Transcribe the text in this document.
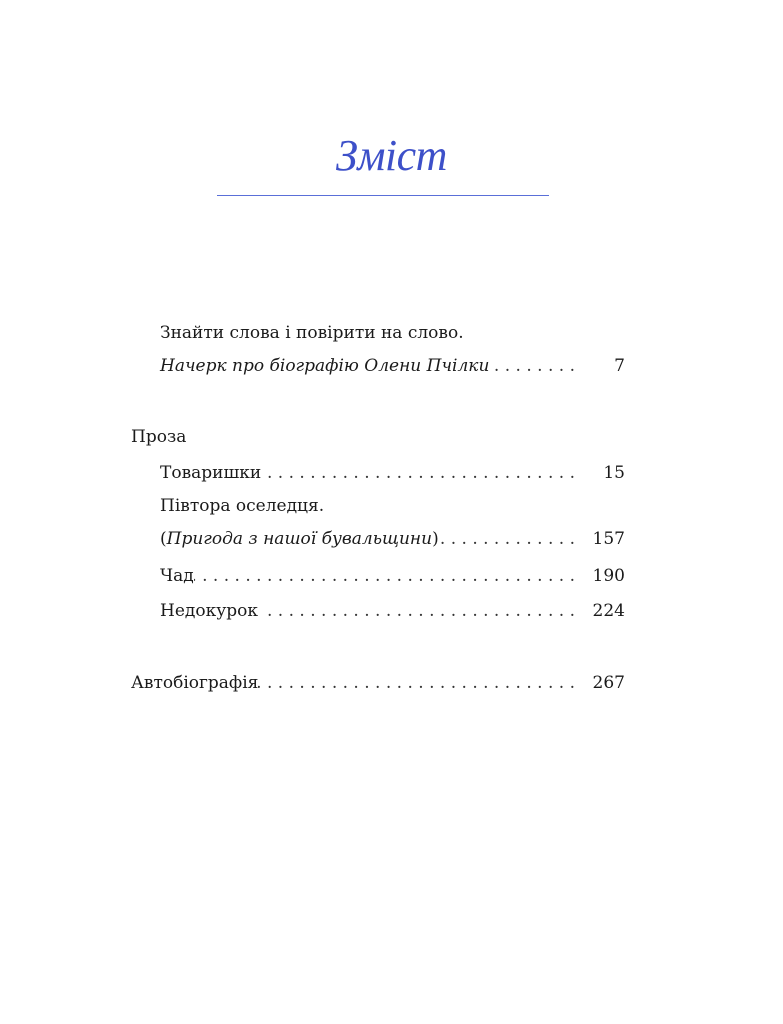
Зміст
Знайти слова і повірити на слово.
Начерк про біографію Олени Пчілки . . .	7
Проза
Товаришки . . .	15
Півтора оселедця.
(Пригода з нашої бувальщини) . . .	157
Чад . . .	190
Недокурок . . .	224
Автобіографія . . .	267
